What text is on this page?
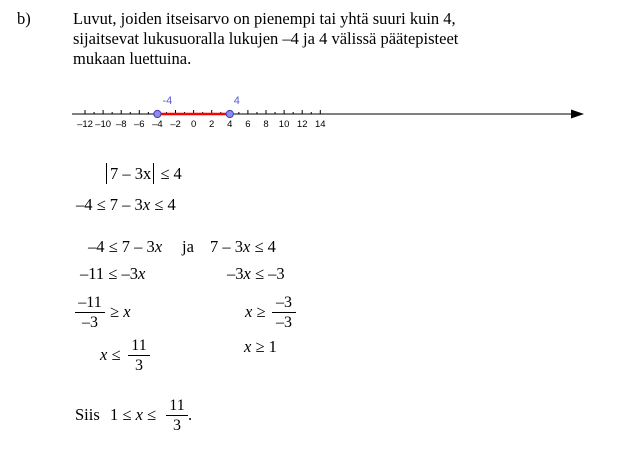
b)	Luvut, joiden itseisarvo on pienempi tai yhtä suuri kuin 4,
sijaitsevat lukusuoralla lukujen –4 ja 4 välissä päätepisteet
mukaan luettuina.
–12 –10 –8 –6 –4 –2 0 2 4 6 8 10 12 14
-4	4
7 – 3x ≤ 4
–4 ≤ 7 – 3x ≤ 4
–4 ≤ 7 – 3x ja 7 – 3x ≤ 4
–11 ≤ –3x	–3x ≤ –3
$\frac{-11}{-3} \ge x$	$x \ge \frac{-3}{-3}$
$x \le \frac{11}{3}$	x ≥ 1
Siis $1 \le x \le \frac{11}{3}$ .
